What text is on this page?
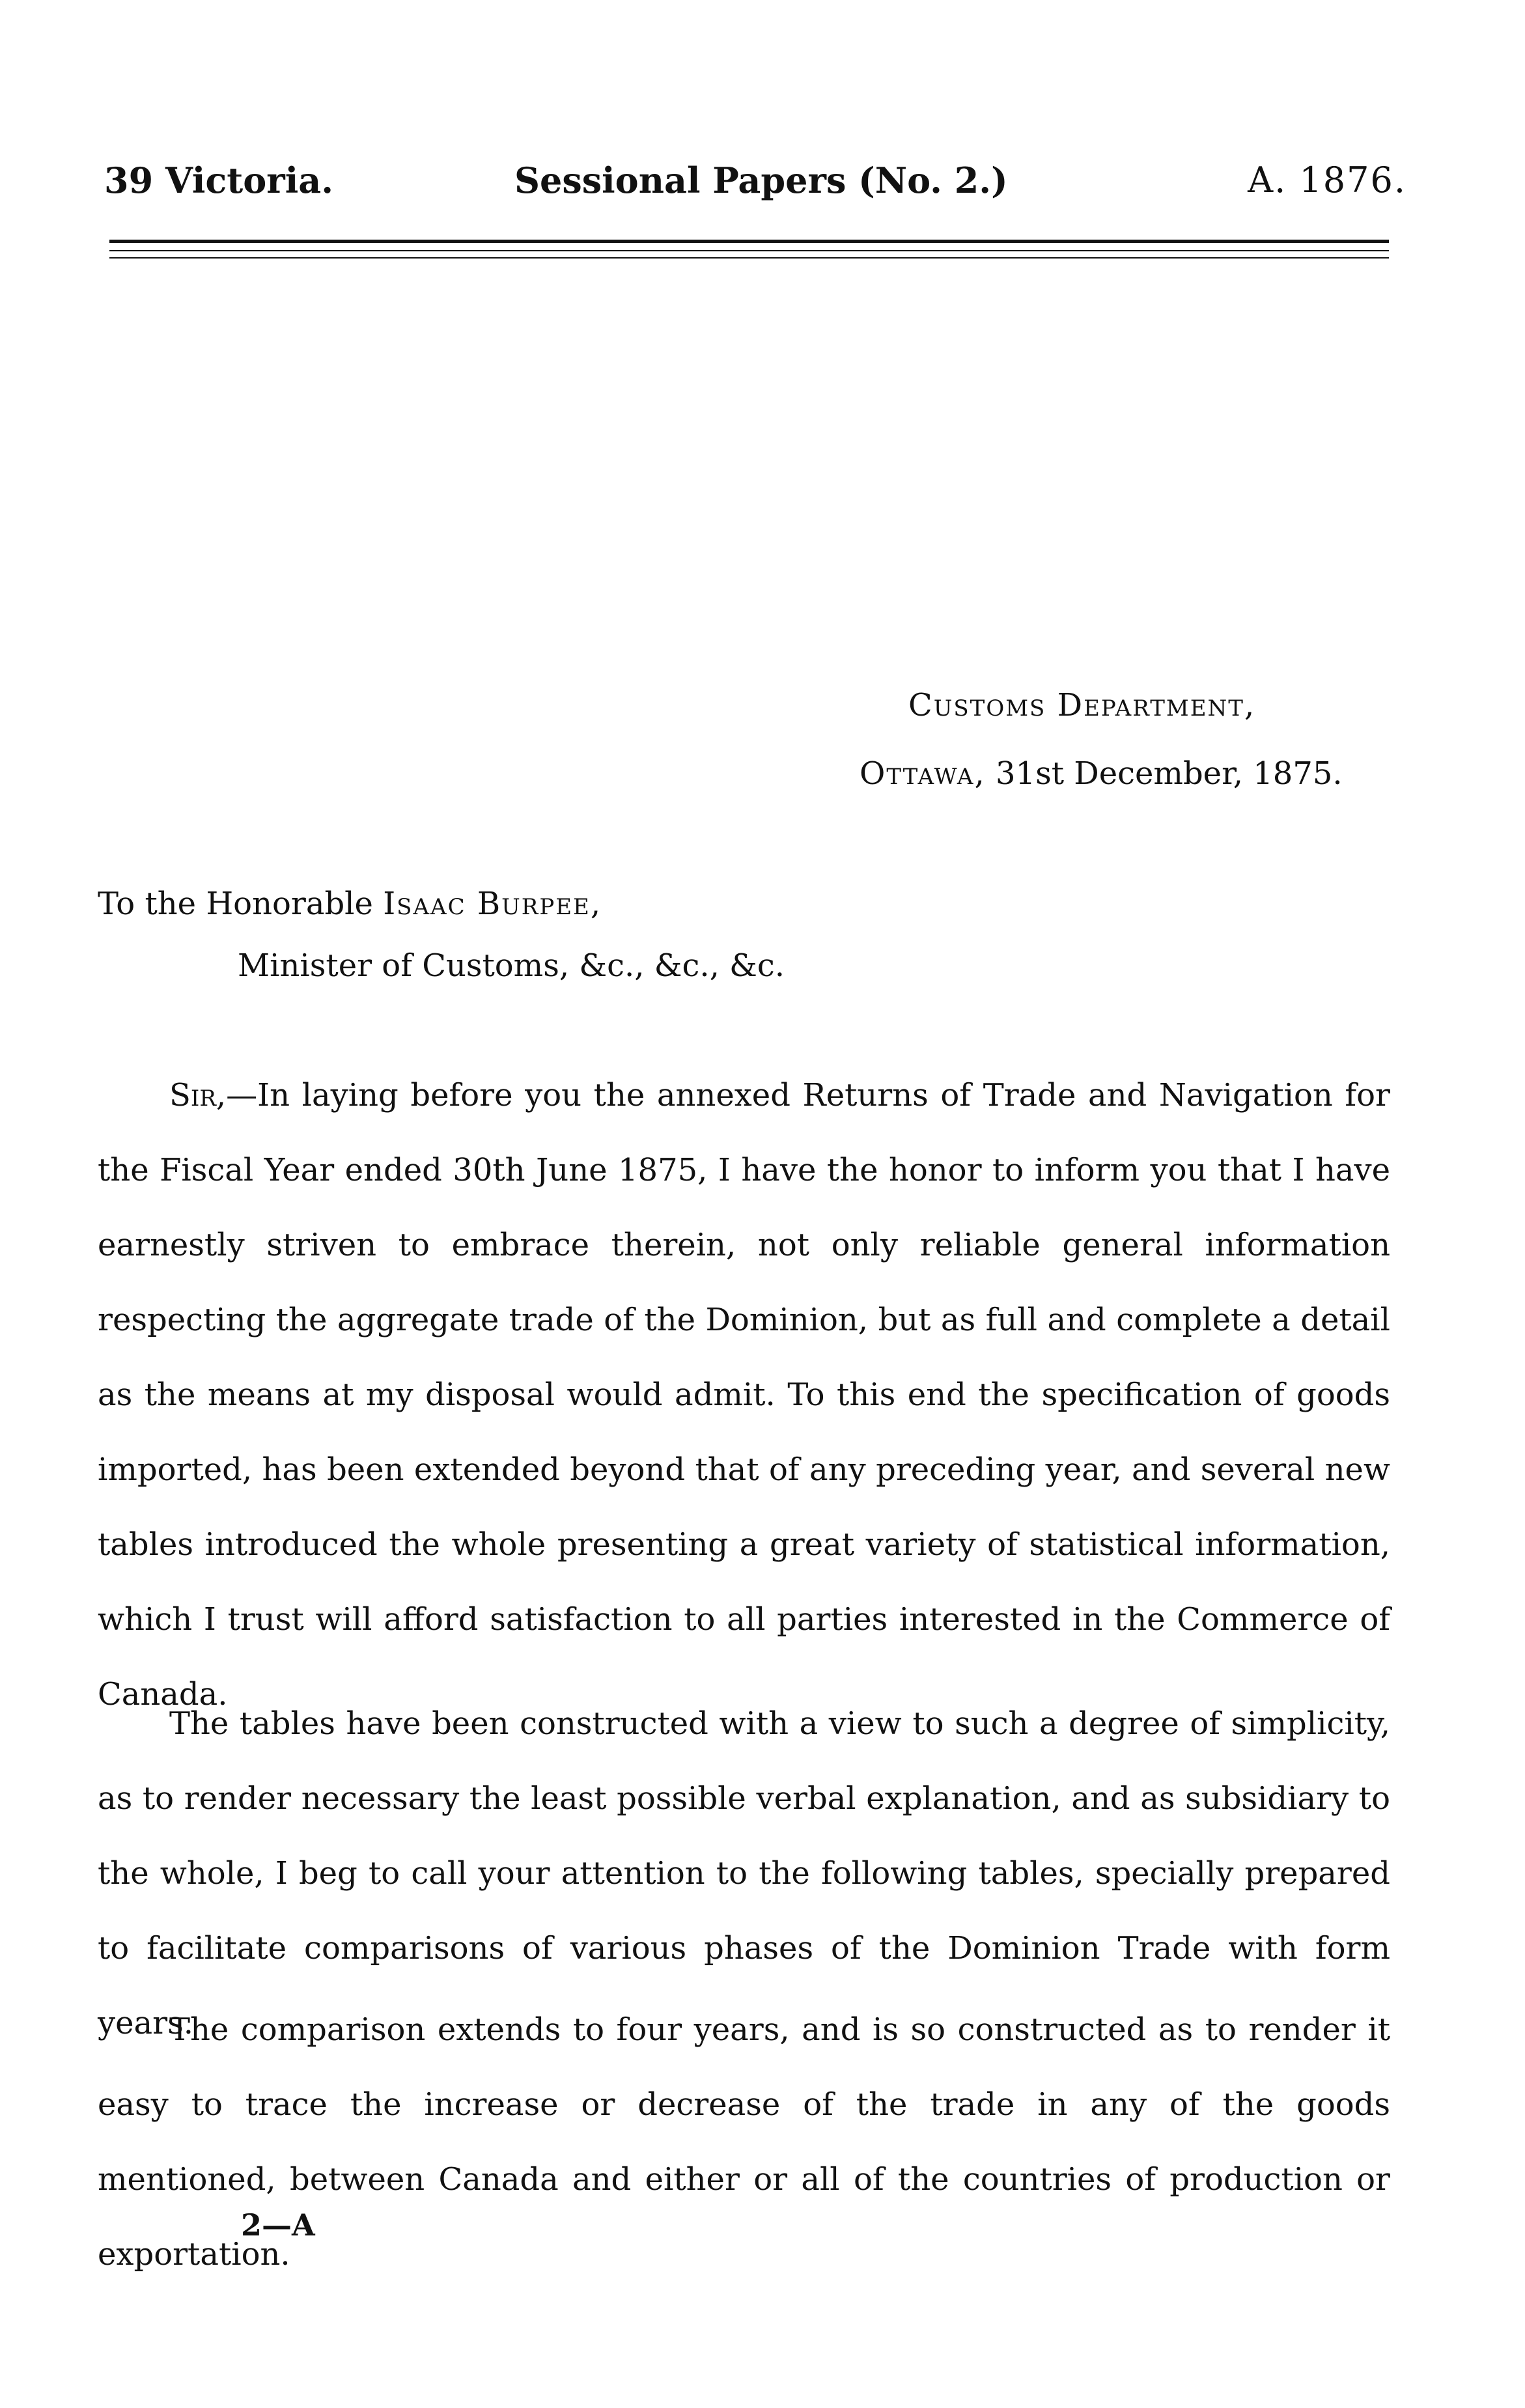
39 Victoria.	Sessional Papers (No. 2.)	A. 1876.
Customs Department,
Ottawa, 31st December, 1875.
To the Honorable Isaac Burpee,
Minister of Customs, &c., &c., &c.
Sir,—In laying before you the annexed Returns of Trade and Navigation for the Fiscal Year ended 30th June 1875, I have the honor to inform you that I have earnestly striven to embrace therein, not only reliable general information respecting the aggregate trade of the Dominion, but as full and complete a detail as the means at my disposal would admit. To this end the specification of goods imported, has been extended beyond that of any preceding year, and several new tables introduced the whole presenting a great variety of statistical information, which I trust will afford satisfaction to all parties interested in the Commerce of Canada.
The tables have been constructed with a view to such a degree of simplicity, as to render necessary the least possible verbal explanation, and as subsidiary to the whole, I beg to call your attention to the following tables, specially prepared to facilitate comparisons of various phases of the Dominion Trade with form years.
The comparison extends to four years, and is so constructed as to render it easy to trace the increase or decrease of the trade in any of the goods mentioned, between Canada and either or all of the countries of production or exportation.
2—A
